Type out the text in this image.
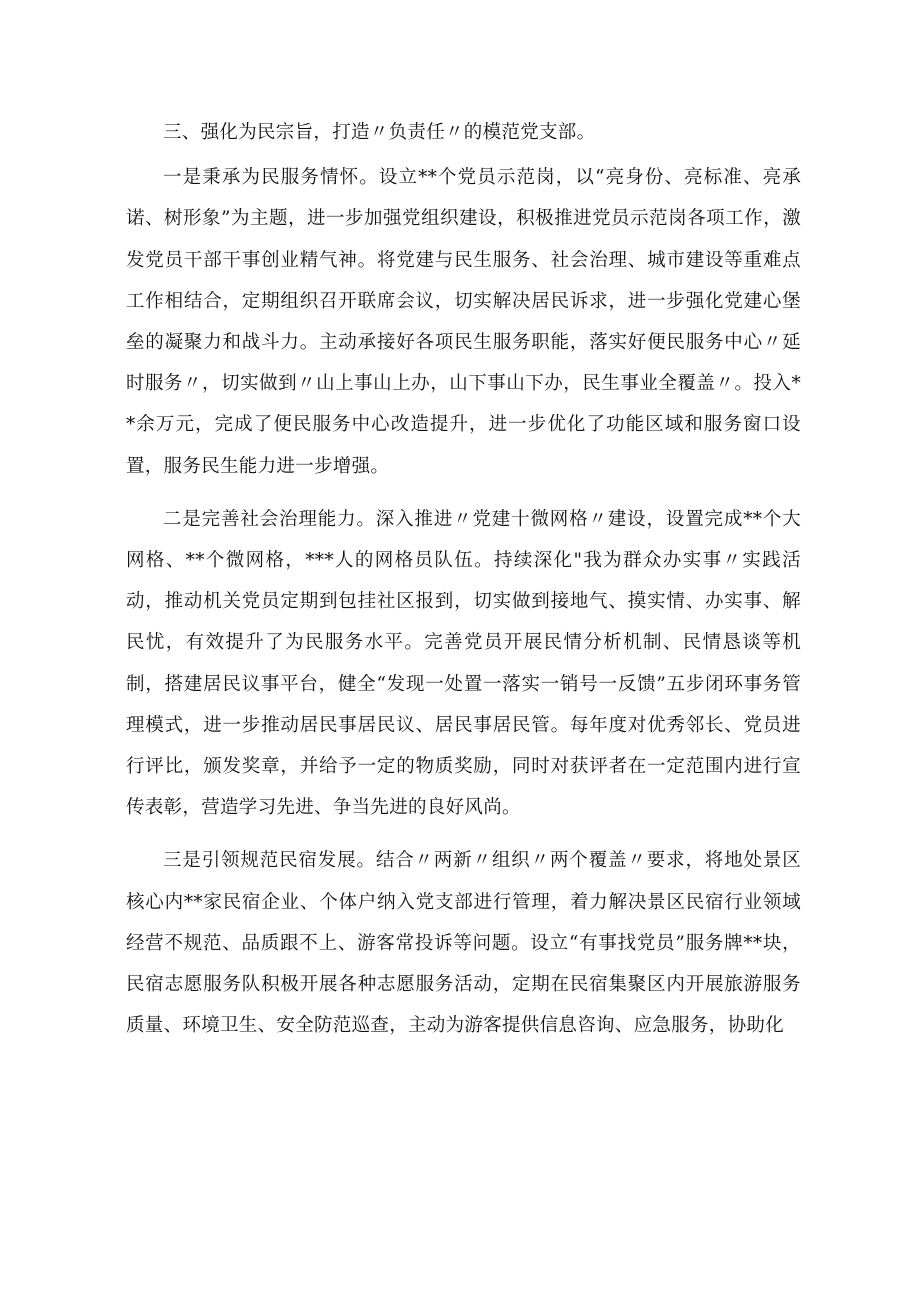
三、强化为民宗旨，打造〃负责任〃的模范党支部。

一是秉承为民服务情怀。设立**个党员示范岗，以“亮身份、亮标准、亮承诺、树形象”为主题，进一步加强党组织建设，积极推进党员示范岗各项工作，激发党员干部干事创业精气神。将党建与民生服务、社会治理、城市建设等重难点工作相结合，定期组织召开联席会议，切实解决居民诉求，进一步强化党建心堡垒的凝聚力和战斗力。主动承接好各项民生服务职能，落实好便民服务中心〃延时服务〃，切实做到〃山上事山上办，山下事山下办，民生事业全覆盖〃。投入**余万元，完成了便民服务中心改造提升，进一步优化了功能区域和服务窗口设置，服务民生能力进一步增强。

二是完善社会治理能力。深入推进〃党建十微网格〃建设，设置完成**个大网格、**个微网格，***人的网格员队伍。持续深化"我为群众办实事〃实践活动，推动机关党员定期到包挂社区报到，切实做到接地气、摸实情、办实事、解民忧，有效提升了为民服务水平。完善党员开展民情分析机制、民情恳谈等机制，搭建居民议事平台，健全“发现一处置一落实一销号一反馈”五步闭环事务管理模式，进一步推动居民事居民议、居民事居民管。每年度对优秀邻长、党员进行评比，颁发奖章，并给予一定的物质奖励，同时对获评者在一定范围内进行宣传表彰，营造学习先进、争当先进的良好风尚。

三是引领规范民宿发展。结合〃两新〃组织〃两个覆盖〃要求，将地处景区核心内**家民宿企业、个体户纳入党支部进行管理，着力解决景区民宿行业领域经营不规范、品质跟不上、游客常投诉等问题。设立“有事找党员”服务牌**块，民宿志愿服务队积极开展各种志愿服务活动，定期在民宿集聚区内开展旅游服务质量、环境卫生、安全防范巡查，主动为游客提供信息咨询、应急服务，协助化
